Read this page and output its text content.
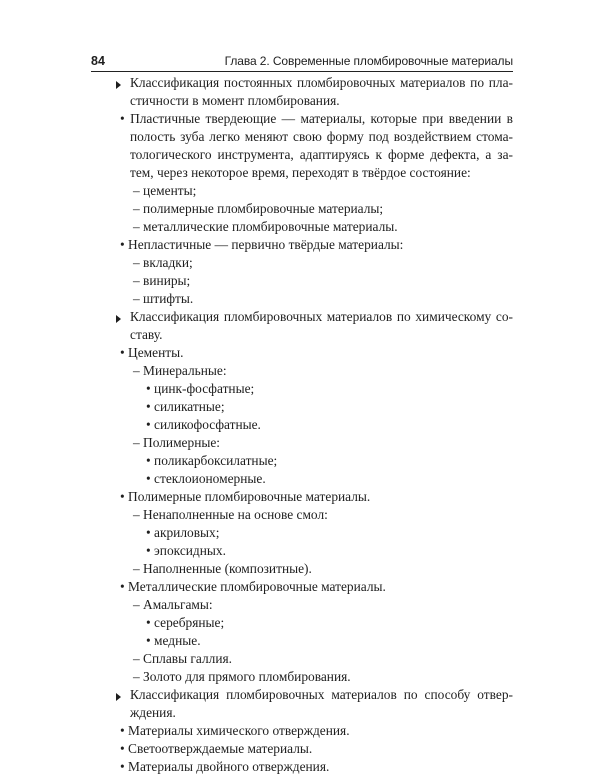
84	Глава 2. Современные пломбировочные материалы
Классификация постоянных пломбировочных материалов по пла-
стичности в момент пломбирования.
• Пластичные твердеющие — материалы, которые при введении в
полость зуба легко меняют свою форму под воздействием стома-
тологического инструмента, адаптируясь к форме дефекта, а за-
тем, через некоторое время, переходят в твёрдое состояние:
– цементы;
– полимерные пломбировочные материалы;
– металлические пломбировочные материалы.
• Непластичные — первично твёрдые материалы:
– вкладки;
– виниры;
– штифты.
Классификация пломбировочных материалов по химическому со-
ставу.
• Цементы.
– Минеральные:
• цинк-фосфатные;
• силикатные;
• силикофосфатные.
– Полимерные:
• поликарбоксилатные;
• стеклоиономерные.
• Полимерные пломбировочные материалы.
– Ненаполненные на основе смол:
• акриловых;
• эпоксидных.
– Наполненные (композитные).
• Металлические пломбировочные материалы.
– Амальгамы:
• серебряные;
• медные.
– Сплавы галлия.
– Золото для прямого пломбирования.
Классификация пломбировочных материалов по способу отвер-
ждения.
• Материалы химического отверждения.
• Светоотверждаемые материалы.
• Материалы двойного отверждения.
